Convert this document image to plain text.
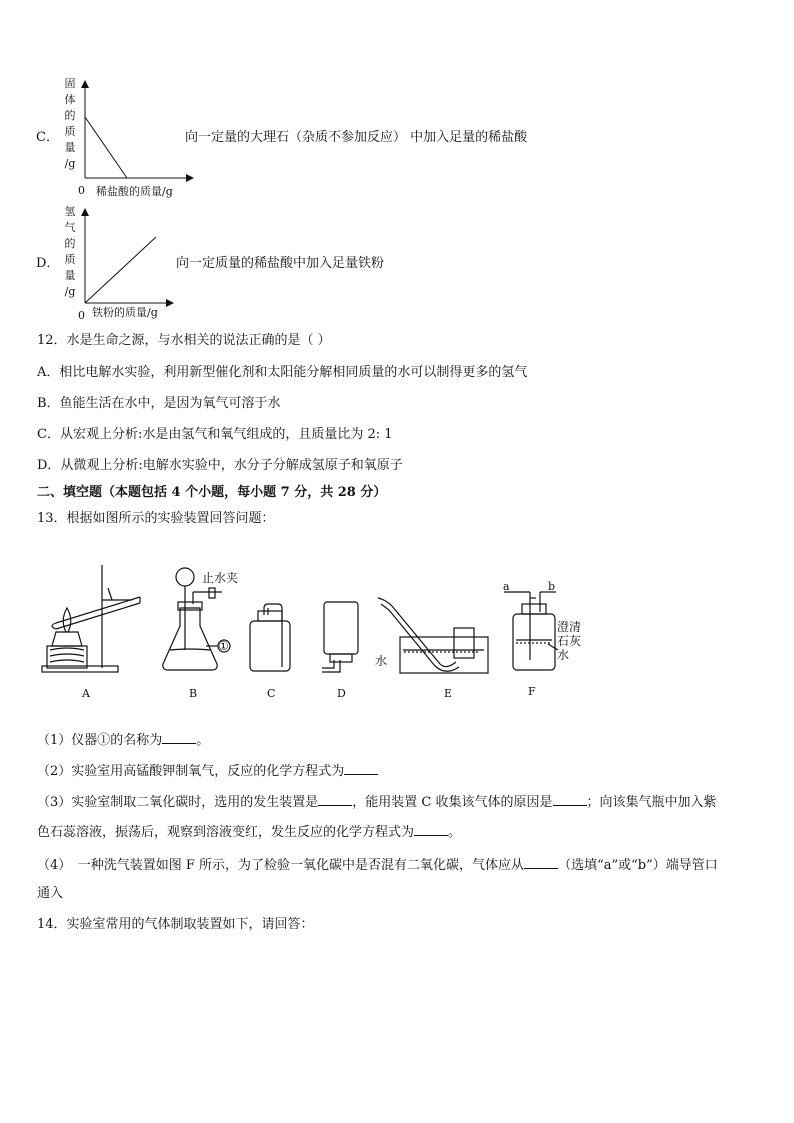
C．
固
体
的
质
量
/g
0 稀盐酸的质量/g
向一定量的大理石（杂质不参加反应） 中加入足量的稀盐酸
D．
氢
气
的
质
量
/g
0 铁粉的质量/g
向一定质量的稀盐酸中加入足量铁粉
12．水是生命之源，与水相关的说法正确的是（ ）
A．相比电解水实验，利用新型催化剂和太阳能分解相同质量的水可以制得更多的氢气
B．鱼能生活在水中，是因为氧气可溶于水
C．从宏观上分析:水是由氢气和氧气组成的，且质量比为 2: 1
D．从微观上分析:电解水实验中，水分子分解成氢原子和氧原子
二、填空题（本题包括 4 个小题，每小题 7 分，共 28 分）
13．根据如图所示的实验装置回答问题：
止水夹
①
水
a	b
澄清
石灰
水
A	B	C	D	E	F
（1）仪器①的名称为	。
（2）实验室用高锰酸钾制氧气，反应的化学方程式为
（3）实验室制取二氧化碳时，选用的发生装置是	，能用装置 C 收集该气体的原因是	；向该集气瓶中加入紫
色石蕊溶液，振荡后，观察到溶液变红，发生反应的化学方程式为	。
（4）　一种洗气装置如图 F 所示，为了检验一氧化碳中是否混有二氧化碳，气体应从	（选填“a”或“b”）端导管口
通入
14．实验室常用的气体制取装置如下，请回答：
